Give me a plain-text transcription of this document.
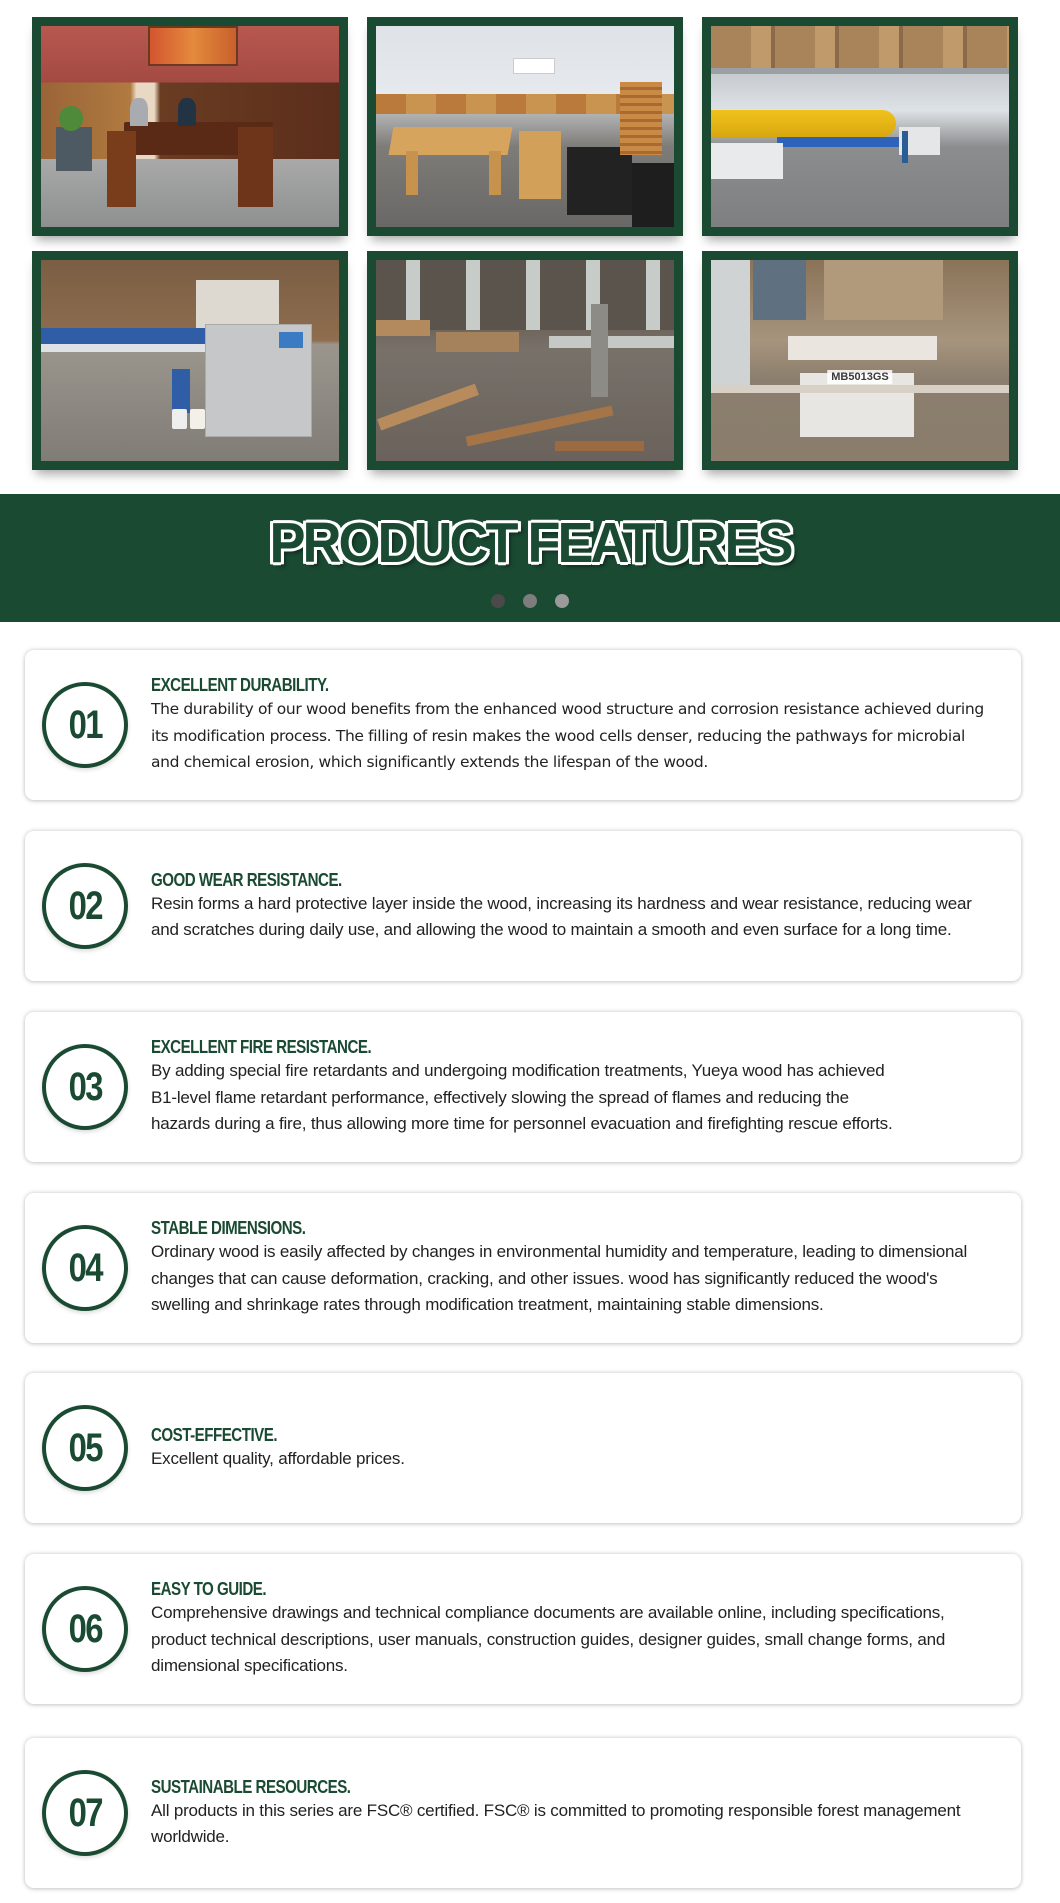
MB5013GS
PRODUCT FEATURES

01
EXCELLENT DURABILITY.
The durability of our wood benefits from the enhanced wood structure and corrosion resistance achieved during its modification process. The filling of resin makes the wood cells denser, reducing the pathways for microbial and chemical erosion, which significantly extends the lifespan of the wood.
02
GOOD WEAR RESISTANCE.
Resin forms a hard protective layer inside the wood, increasing its hardness and wear resistance, reducing wear and scratches during daily use, and allowing the wood to maintain a smooth and even surface for a long time.
03
EXCELLENT FIRE RESISTANCE.
By adding special fire retardants and undergoing modification treatments, Yueya wood has achieved B1-level flame retardant performance, effectively slowing the spread of flames and reducing the hazards during a fire, thus allowing more time for personnel evacuation and firefighting rescue efforts.
04
STABLE DIMENSIONS.
Ordinary wood is easily affected by changes in environmental humidity and temperature, leading to dimensional changes that can cause deformation, cracking, and other issues. wood has significantly reduced the wood's swelling and shrinkage rates through modification treatment, maintaining stable dimensions.
05	COST-EFFECTIVE.
Excellent quality, affordable prices.
06
EASY TO GUIDE.
Comprehensive drawings and technical compliance documents are available online, including specifications, product technical descriptions, user manuals, construction guides, designer guides, small change forms, and dimensional specifications.
07
SUSTAINABLE RESOURCES.
All products in this series are FSC® certified. FSC® is committed to promoting responsible forest management worldwide.
